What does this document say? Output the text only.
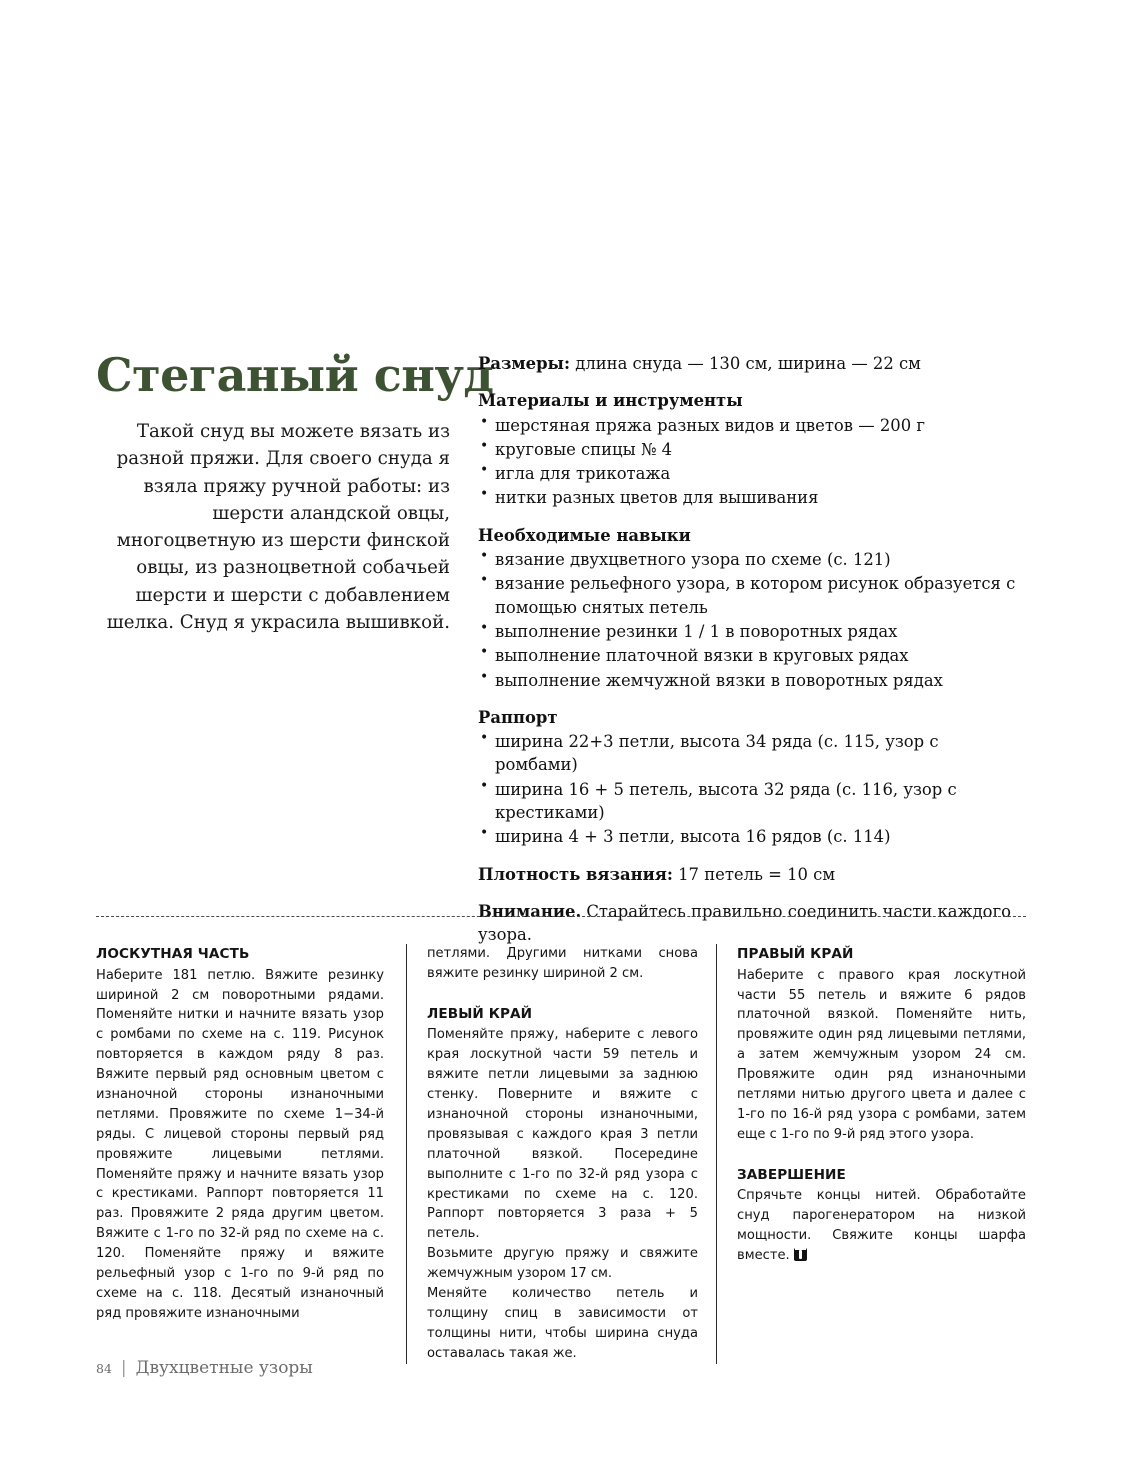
Стеганый снуд

Такой снуд вы можете вязать из разной пряжи. Для своего снуда я взяла пряжу ручной работы: из шерсти аландской овцы, многоцветную из шерсти финской овцы, из разноцветной собачьей шерсти и шерсти с добавлением шелка. Снуд я украсила вышивкой.

Размеры: длина снуда — 130 см, ширина — 22 см

Материалы и инструменты
• шерстяная пряжа разных видов и цветов — 200 г
• круговые спицы № 4
• игла для трикотажа
• нитки разных цветов для вышивания
Необходимые навыки
• вязание двухцветного узора по схеме (с. 121)
• вязание рельефного узора, в котором рисунок образуется с помощью снятых петель
• выполнение резинки 1 / 1 в поворотных рядах
• выполнение платочной вязки в круговых рядах
• выполнение жемчужной вязки в поворотных рядах
Раппорт
• ширина 22+3 петли, высота 34 ряда (с. 115, узор с ромбами)
• ширина 16 + 5 петель, высота 32 ряда (с. 116, узор с крестиками)
• ширина 4 + 3 петли, высота 16 рядов (с. 114)

Плотность вязания: 17 петель = 10 см

Внимание. Старайтесь правильно соединить части каждого узора.

ЛОСКУТНАЯ ЧАСТЬ

Наберите 181 петлю. Вяжите резинку шириной 2 см поворотными рядами. Поменяйте нитки и начните вязать узор с ромбами по схеме на с. 119. Рисунок повторяется в каждом ряду 8 раз. Вяжите первый ряд основным цветом с изнаночной стороны изнаночными петлями. Провяжите по схеме 1−34-й ряды. С лицевой стороны первый ряд провяжите лицевыми петлями. Поменяйте пряжу и начните вязать узор с крестиками. Раппорт повторяется 11 раз. Провяжите 2 ряда другим цветом. Вяжите с 1-го по 32-й ряд по схеме на с. 120. Поменяйте пряжу и вяжите рельефный узор с 1-го по 9-й ряд по схеме на с. 118. Десятый изнаночный ряд провяжите изнаночными

петлями. Другими нитками снова вяжите резинку шириной 2 см.

ЛЕВЫЙ КРАЙ

Поменяйте пряжу, наберите с левого края лоскутной части 59 петель и вяжите петли лицевыми за заднюю стенку. Поверните и вяжите с изнаночной стороны изнаночными, провязывая с каждого края 3 петли платочной вязкой. Посередине выполните с 1-го по 32-й ряд узора с крестиками по схеме на с. 120. Раппорт повторяется 3 раза + 5 петель.

Возьмите другую пряжу и свяжите жемчужным узором 17 см.

Меняйте количество петель и толщину спиц в зависимости от толщины нити, чтобы ширина снуда оставалась такая же.

ПРАВЫЙ КРАЙ

Наберите с правого края лоскутной части 55 петель и вяжите 6 рядов платочной вязкой. Поменяйте нить, провяжите один ряд лицевыми петлями, а затем жемчужным узором 24 см. Провяжите один ряд изнаночными петлями нитью другого цвета и далее с 1-го по 16-й ряд узора с ромбами, затем еще с 1-го по 9-й ряд этого узора.

ЗАВЕРШЕНИЕ

Спрячьте концы нитей. Обработайте снуд парогенератором на низкой мощности. Свяжите концы шарфа вместе.

84 | Двухцветные узоры
